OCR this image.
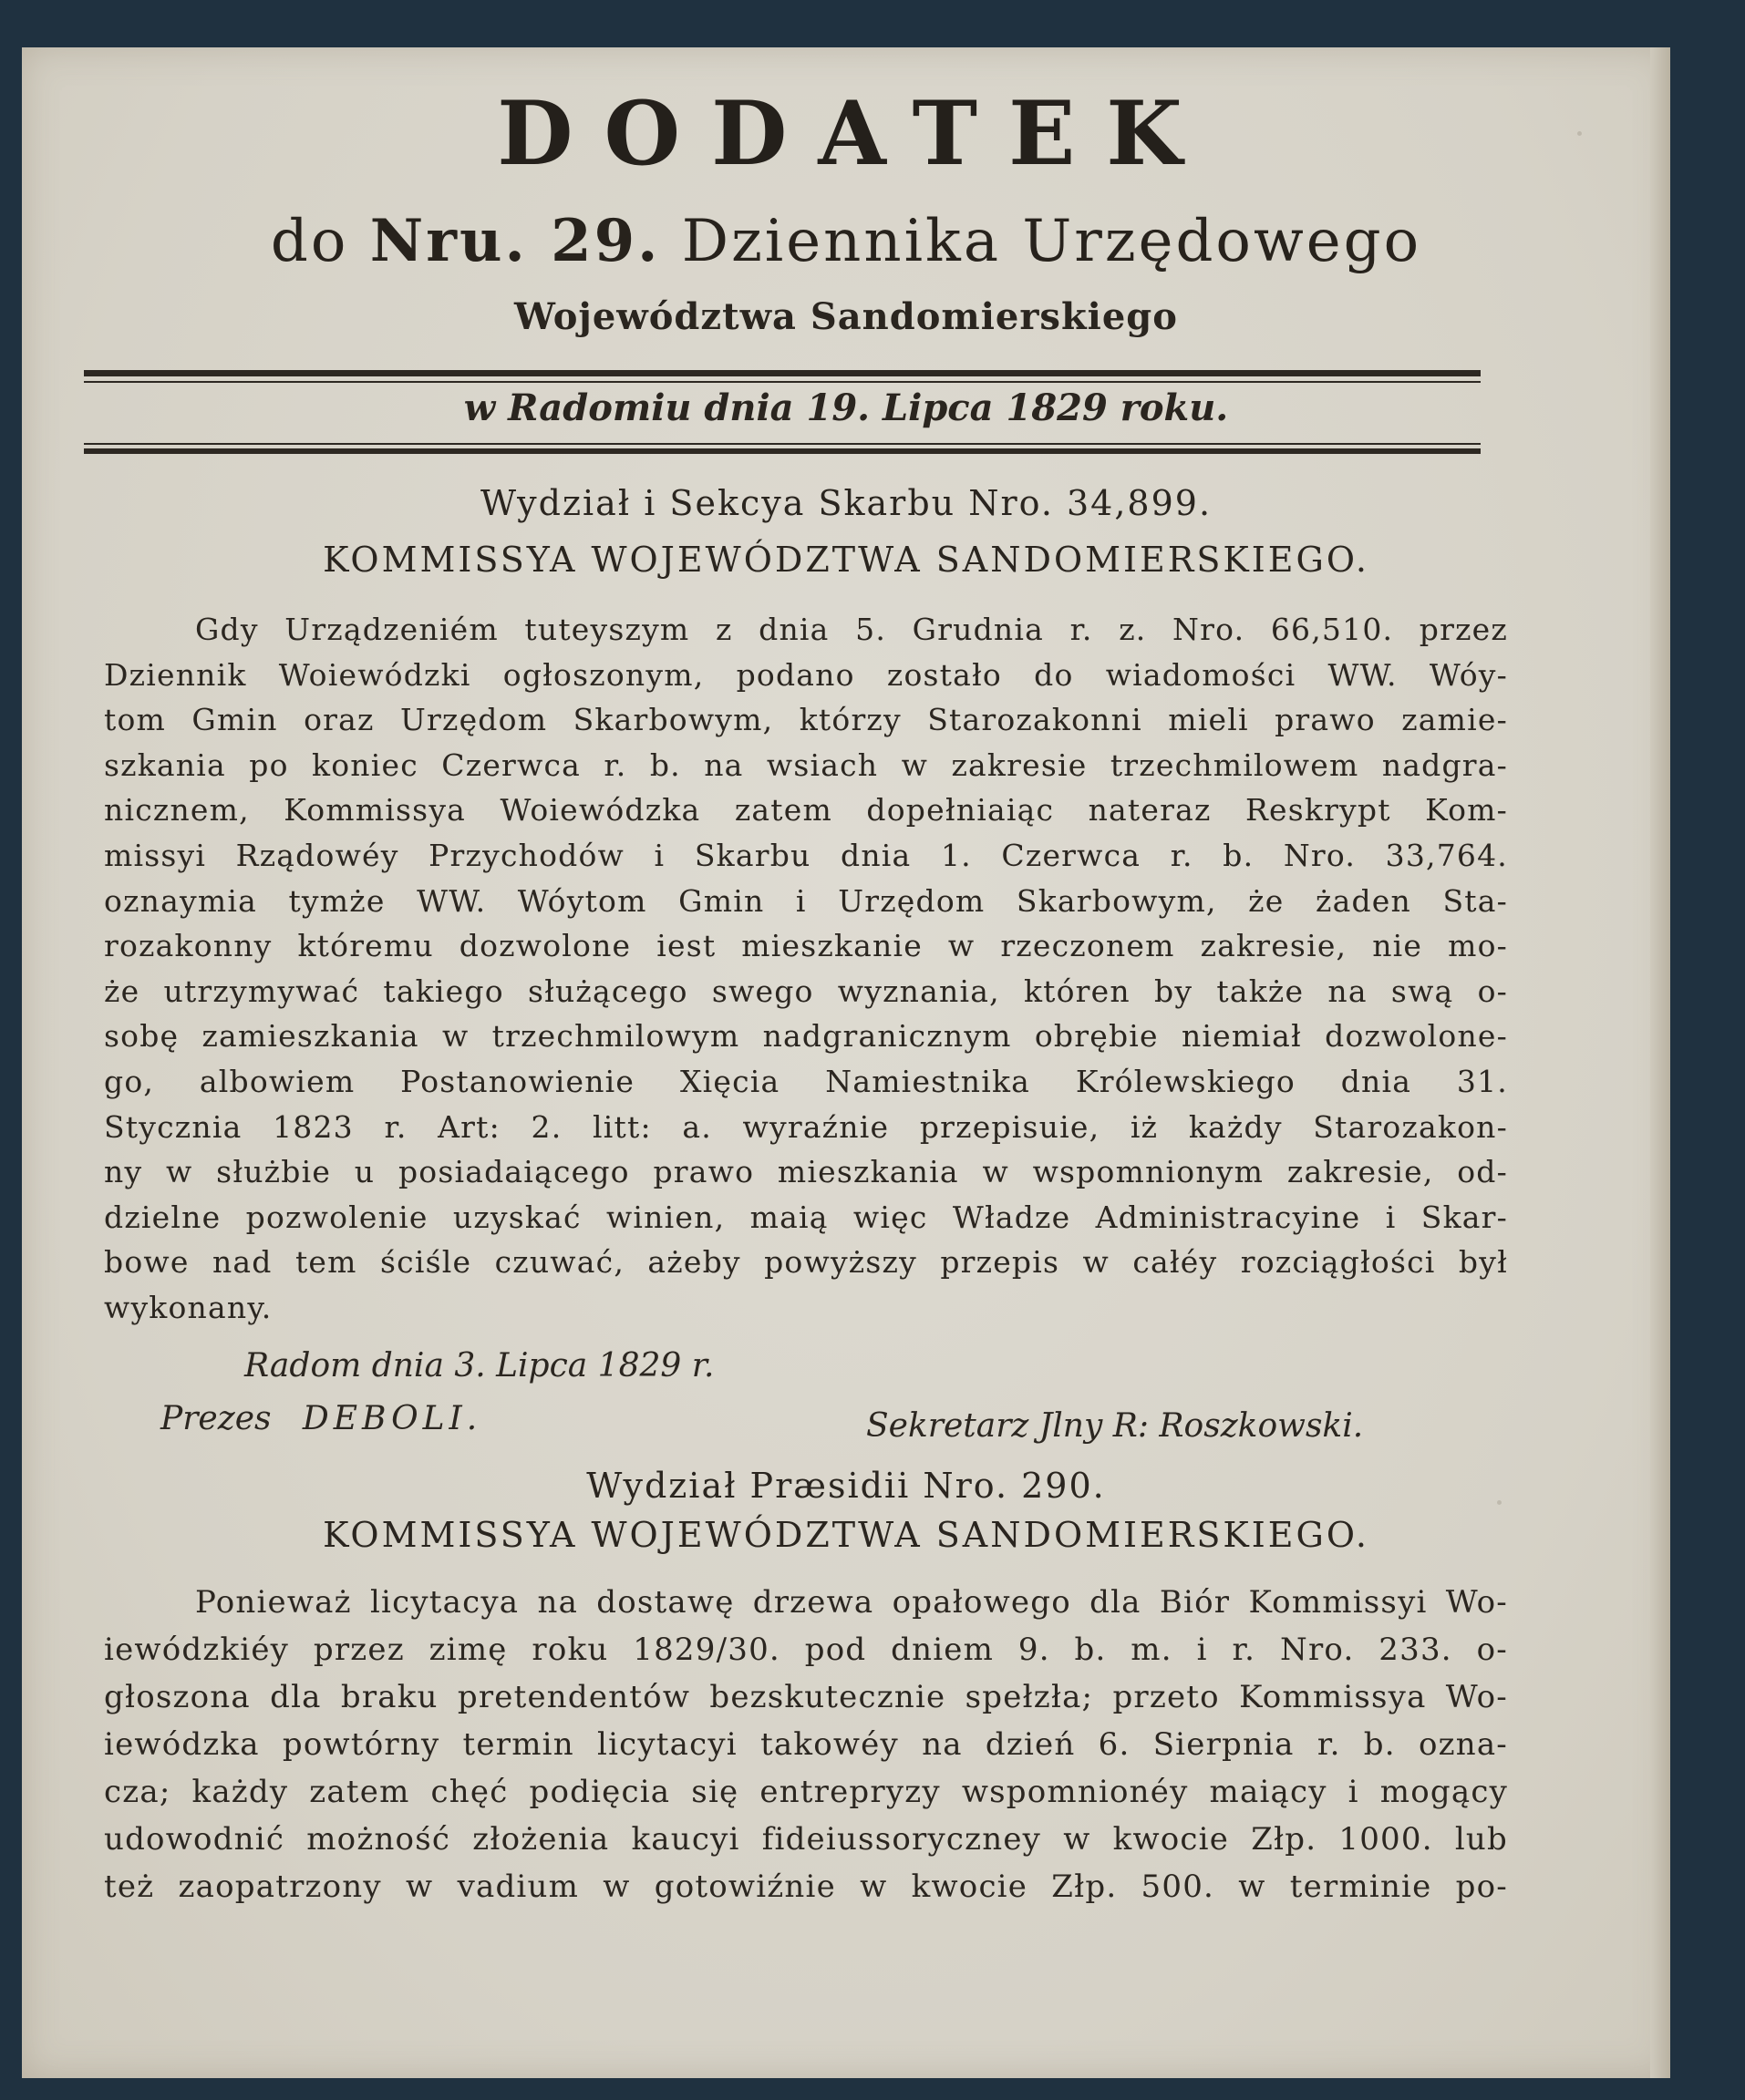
DODATEK
do Nru. 29. Dziennika Urzędowego
Województwa Sandomierskiego
w Radomiu dnia 19. Lipca 1829 roku.
Wydział i Sekcya Skarbu Nro. 34,899.
KOMMISSYA WOJEWÓDZTWA SANDOMIERSKIEGO.
Gdy Urządzeniém tuteyszym z dnia 5. Grudnia r. z. Nro. 66,510. przez
Dziennik Woiewódzki ogłoszonym, podano zostało do wiadomości WW. Wóy-
tom Gmin oraz Urzędom Skarbowym, którzy Starozakonni mieli prawo zamie-
szkania po koniec Czerwca r. b. na wsiach w zakresie trzechmilowem nadgra-
nicznem, Kommissya Woiewódzka zatem dopełniaiąc nateraz Reskrypt Kom-
missyi Rządowéy Przychodów i Skarbu dnia 1. Czerwca r. b. Nro. 33,764.
oznaymia tymże WW. Wóytom Gmin i Urzędom Skarbowym, że żaden Sta-
rozakonny któremu dozwolone iest mieszkanie w rzeczonem zakresie, nie mo-
że utrzymywać takiego służącego swego wyznania, któren by także na swą o-
sobę zamieszkania w trzechmilowym nadgranicznym obrębie niemiał dozwolone-
go, albowiem Postanowienie Xięcia Namiestnika Królewskiego dnia 31.
Stycznia 1823 r. Art: 2. litt: a. wyraźnie przepisuie, iż każdy Starozakon-
ny w służbie u posiadaiącego prawo mieszkania w wspomnionym zakresie, od-
dzielne pozwolenie uzyskać winien, maią więc Władze Administracyine i Skar-
bowe nad tem ściśle czuwać, ażeby powyższy przepis w całéy rozciągłości był
wykonany.
Radom dnia 3. Lipca 1829 r.
Prezes DEBOLI.	Sekretarz Jlny R: Roszkowski.
Wydział Præsidii Nro. 290.
KOMMISSYA WOJEWÓDZTWA SANDOMIERSKIEGO.
Ponieważ licytacya na dostawę drzewa opałowego dla Biór Kommissyi Wo-
iewódzkiéy przez zimę roku 1829/30. pod dniem 9. b. m. i r. Nro. 233. o-
głoszona dla braku pretendentów bezskutecznie spełzła; przeto Kommissya Wo-
iewódzka powtórny termin licytacyi takowéy na dzień 6. Sierpnia r. b. ozna-
cza; każdy zatem chęć podięcia się entrepryzy wspomnionéy maiący i mogący
udowodnić możność złożenia kaucyi fideiussoryczney w kwocie Złp. 1000. lub
też zaopatrzony w vadium w gotowiźnie w kwocie Złp. 500. w terminie po-
